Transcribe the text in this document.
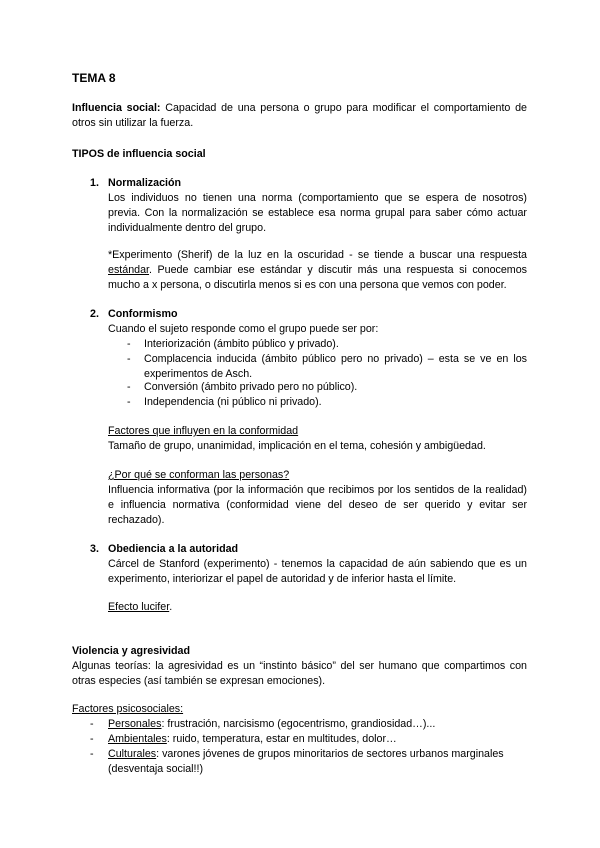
TEMA 8
Influencia social: Capacidad de una persona o grupo para modificar el comportamiento de otros sin utilizar la fuerza.
TIPOS de influencia social
1. Normalización
Los individuos no tienen una norma (comportamiento que se espera de nosotros) previa. Con la normalización se establece esa norma grupal para saber cómo actuar individualmente dentro del grupo.
*Experimento (Sherif) de la luz en la oscuridad - se tiende a buscar una respuesta estándar. Puede cambiar ese estándar y discutir más una respuesta si conocemos mucho a x persona, o discutirla menos si es con una persona que vemos con poder.
2. Conformismo
Cuando el sujeto responde como el grupo puede ser por:
- Interiorización (ámbito público y privado).
- Complacencia inducida (ámbito público pero no privado) – esta se ve en los experimentos de Asch.
- Conversión (ámbito privado pero no público).
- Independencia (ni público ni privado).
Factores que influyen en la conformidad
Tamaño de grupo, unanimidad, implicación en el tema, cohesión y ambigüedad.
¿Por qué se conforman las personas?
Influencia informativa (por la información que recibimos por los sentidos de la realidad) e influencia normativa (conformidad viene del deseo de ser querido y evitar ser rechazado).
3. Obediencia a la autoridad
Cárcel de Stanford (experimento) - tenemos la capacidad de aún sabiendo que es un experimento, interiorizar el papel de autoridad y de inferior hasta el límite.
Efecto lucifer.
Violencia y agresividad
Algunas teorías: la agresividad es un “instinto básico” del ser humano que compartimos con otras especies (así también se expresan emociones).
Factores psicosociales:
- Personales: frustración, narcisismo (egocentrismo, grandiosidad…)...
- Ambientales: ruido, temperatura, estar en multitudes, dolor…
- Culturales: varones jóvenes de grupos minoritarios de sectores urbanos marginales (desventaja social!!)
